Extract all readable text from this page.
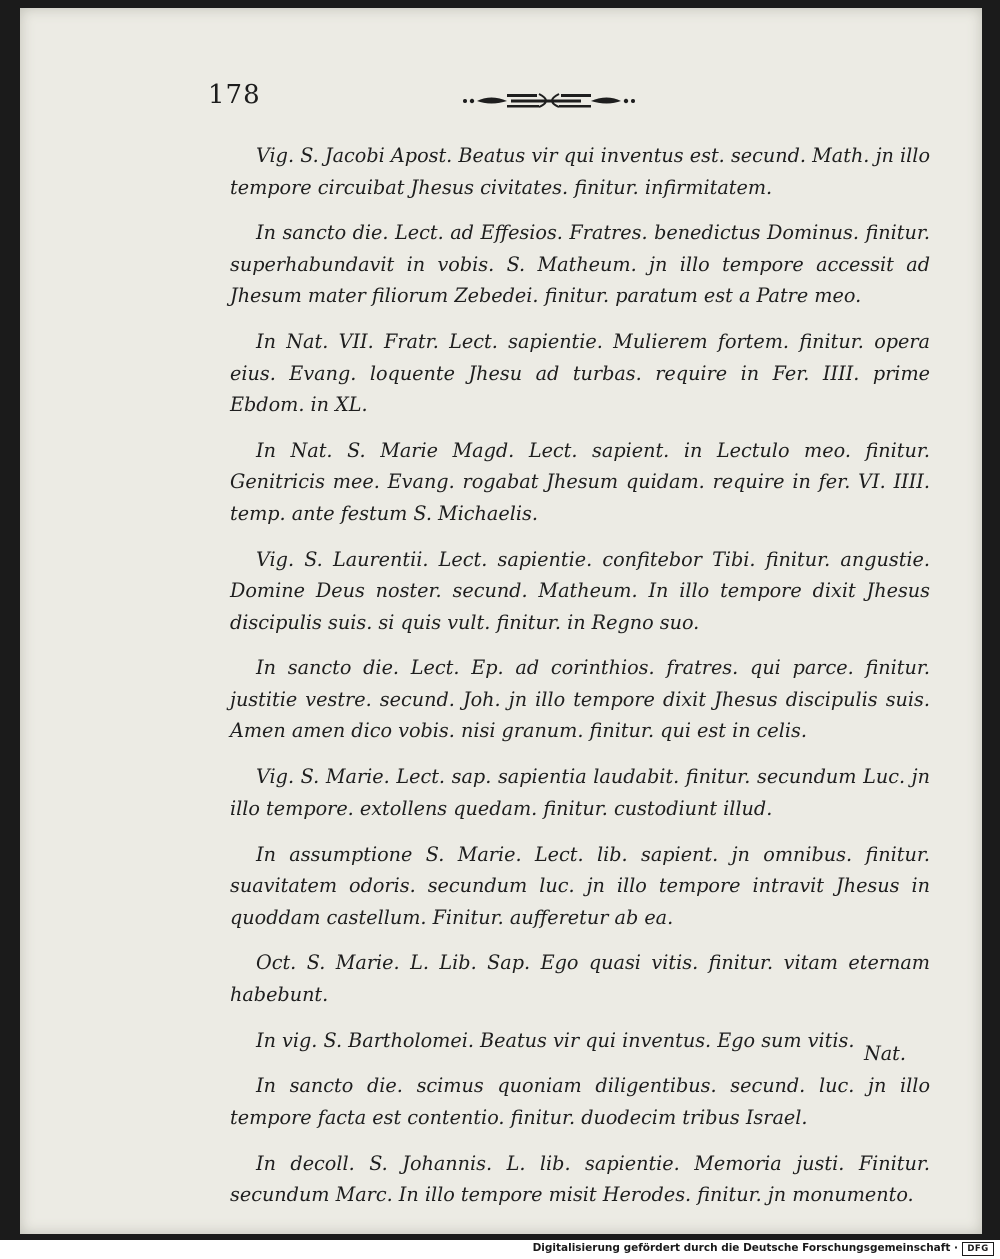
178

Vig. S. Jacobi Apost. Beatus vir qui inventus est. secund. Math. jn illo tempore circuibat Jhesus civitates. finitur. infirmitatem.

In sancto die. Lect. ad Effesios. Fratres. benedictus Dominus. finitur. superhabundavit in vobis. S. Matheum. jn illo tempore accessit ad Jhesum mater filiorum Zebedei. finitur. paratum est a Patre meo.

In Nat. VII. Fratr. Lect. sapientie. Mulierem fortem. finitur. opera eius. Evang. loquente Jhesu ad turbas. require in Fer. IIII. prime Ebdom. in XL.

In Nat. S. Marie Magd. Lect. sapient. in Lectulo meo. finitur. Genitricis mee. Evang. rogabat Jhesum quidam. require in fer. VI. IIII. temp. ante festum S. Michaelis.

Vig. S. Laurentii. Lect. sapientie. confitebor Tibi. finitur. angustie. Domine Deus noster. secund. Matheum. In illo tempore dixit Jhesus discipulis suis. si quis vult. finitur. in Regno suo.

In sancto die. Lect. Ep. ad corinthios. fratres. qui parce. finitur. justitie vestre. secund. Joh. jn illo tempore dixit Jhesus discipulis suis. Amen amen dico vobis. nisi granum. finitur. qui est in celis.

Vig. S. Marie. Lect. sap. sapientia laudabit. finitur. secundum Luc. jn illo tempore. extollens quedam. finitur. custodiunt illud.

In assumptione S. Marie. Lect. lib. sapient. jn omnibus. finitur. suavitatem odoris. secundum luc. jn illo tempore intravit Jhesus in quoddam castellum. Finitur. aufferetur ab ea.

Oct. S. Marie. L. Lib. Sap. Ego quasi vitis. finitur. vitam eternam habebunt.

In vig. S. Bartholomei. Beatus vir qui inventus. Ego sum vitis.

In sancto die. scimus quoniam diligentibus. secund. luc. jn illo tempore facta est contentio. finitur. duodecim tribus Israel.

In decoll. S. Johannis. L. lib. sapientie. Memoria justi. Finitur. secundum Marc. In illo tempore misit Herodes. finitur. jn monumento.

Nat.
Digitalisierung gefördert durch die Deutsche Forschungsgemeinschaft · DFG
